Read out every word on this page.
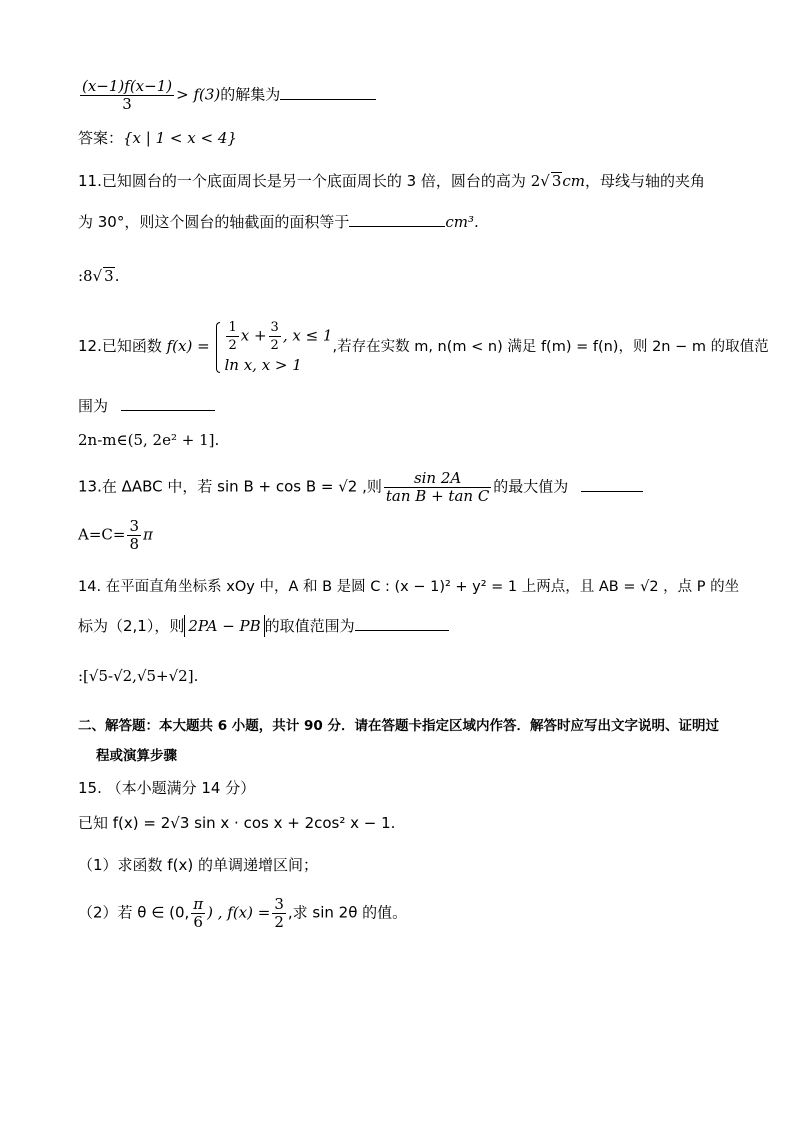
$\frac{(x-1)f(x-1)}{3} > f(3)$的解集为
答案：{x | 1 < x < 4}
11.已知圆台的一个底面周长是另一个底面周长的 3 倍，圆台的高为 2√ 3cm，母线与轴的夹角
为 30°，则这个圆台的轴截面的面积等于	cm³.
:8√ 3.
12.已知函数 $f(x) = \frac{1}{2}$ $x + \frac{3}{2}$ , x ≤ 1
ln x, x > 1
,若存在实数 m, n(m < n) 满足 f(m) = f(n)，则 2n − m 的取值范
围为
2n-m∈(5, 2e² + 1].
13.在 ΔABC 中，若 sin B + cos B = √2 ,则 $\frac{\sin 2A}{\text{tan B + tan C}}$ 的最大值为
$A=C= \frac{3}{8}$ π
14. 在平面直角坐标系 xOy 中，A 和 B 是圆 C : (x − 1)² + y² = 1 上两点，且 AB = √2 ，点 P 的坐
标为（2,1），则 2PA − PB 的取值范围为
:[√5-√2,√5+√2].
二、解答题：本大题共 6 小题，共计 90 分．请在答题卡指定区域内作答．解答时应写出文字说明、证明过
程或演算步骤
15. （本小题满分 14 分）
已知 f(x) = 2√3 sin x · cos x + 2cos² x − 1.
（1）求函数 f(x) 的单调递增区间；
（2）若 θ ∈ (0, $\frac{\pi}{6}$ ) , $f(x) = \frac{3}{2}$ ,求 sin 2θ 的值。
